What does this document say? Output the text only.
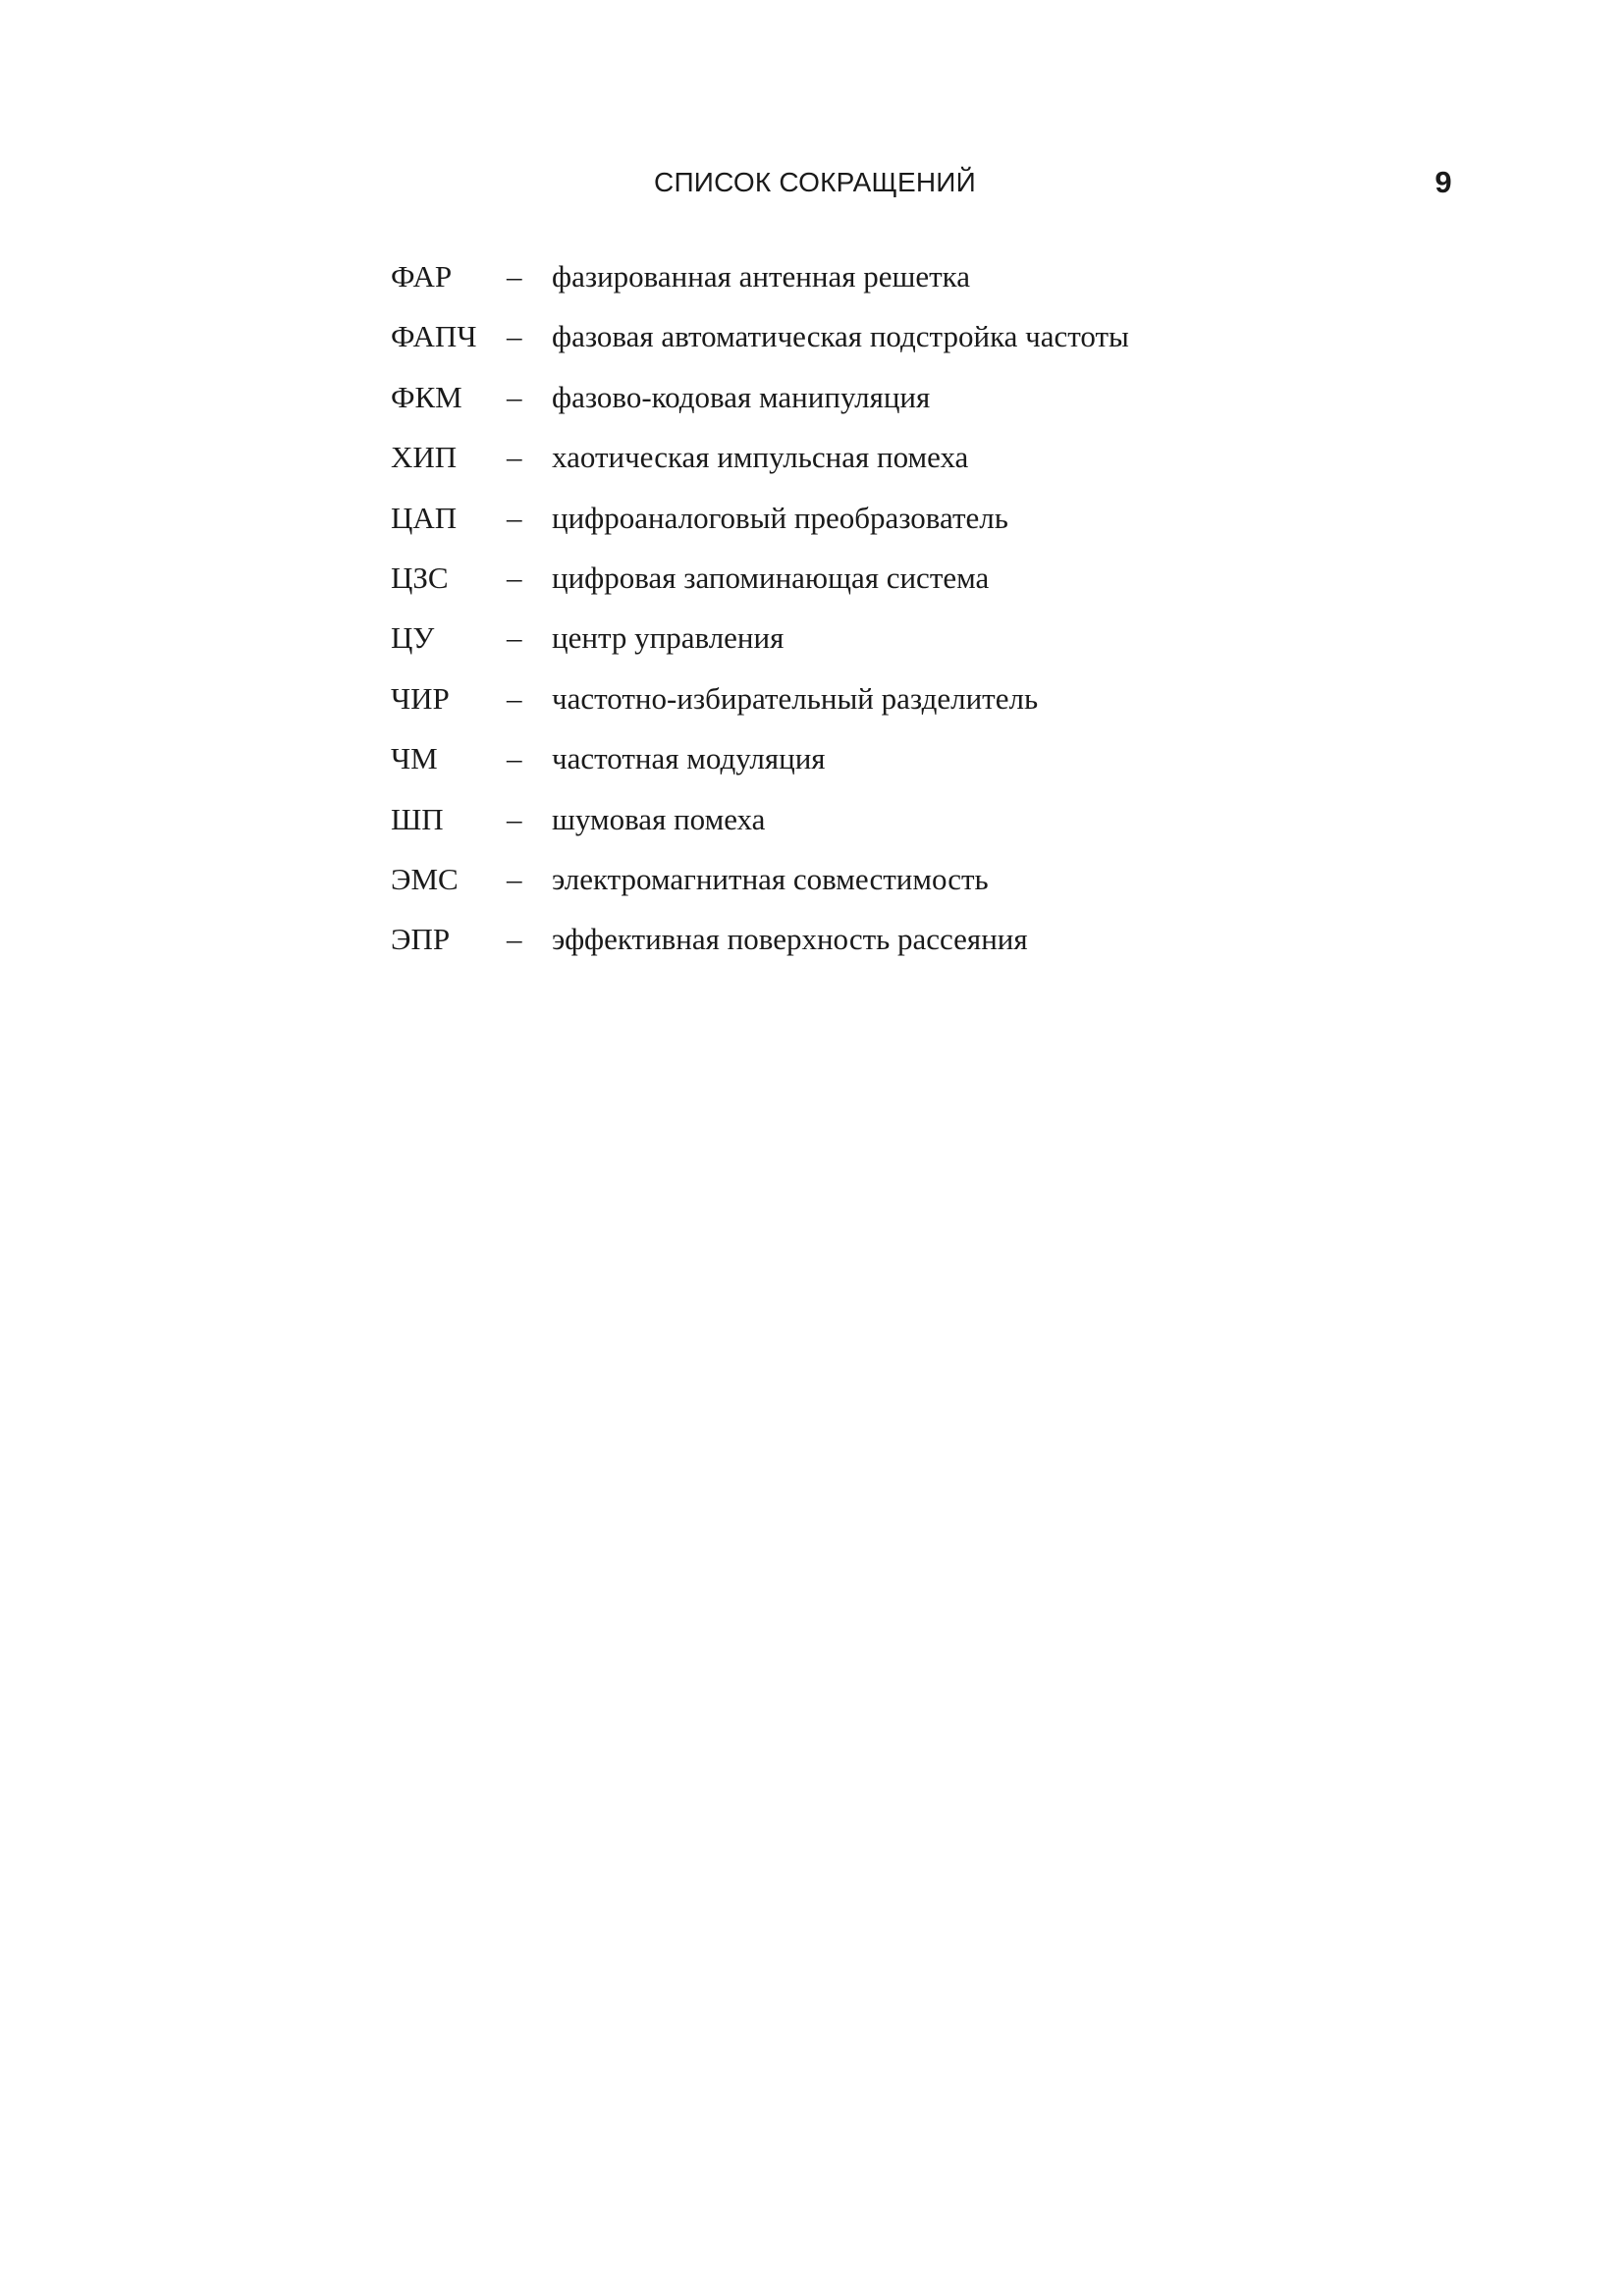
СПИСОК СОКРАЩЕНИЙ	9
ФАР	– фазированная антенная решетка
ФАПЧ – фазовая автоматическая подстройка частоты
ФКМ	– фазово-кодовая манипуляция
ХИП	– хаотическая импульсная помеха
ЦАП	– цифроаналоговый преобразователь
ЦЗС	– цифровая запоминающая система
ЦУ	– центр управления
ЧИР	– частотно-избирательный разделитель
ЧМ	– частотная модуляция
ШП	– шумовая помеха
ЭМС	– электромагнитная совместимость
ЭПР	– эффективная поверхность рассеяния
